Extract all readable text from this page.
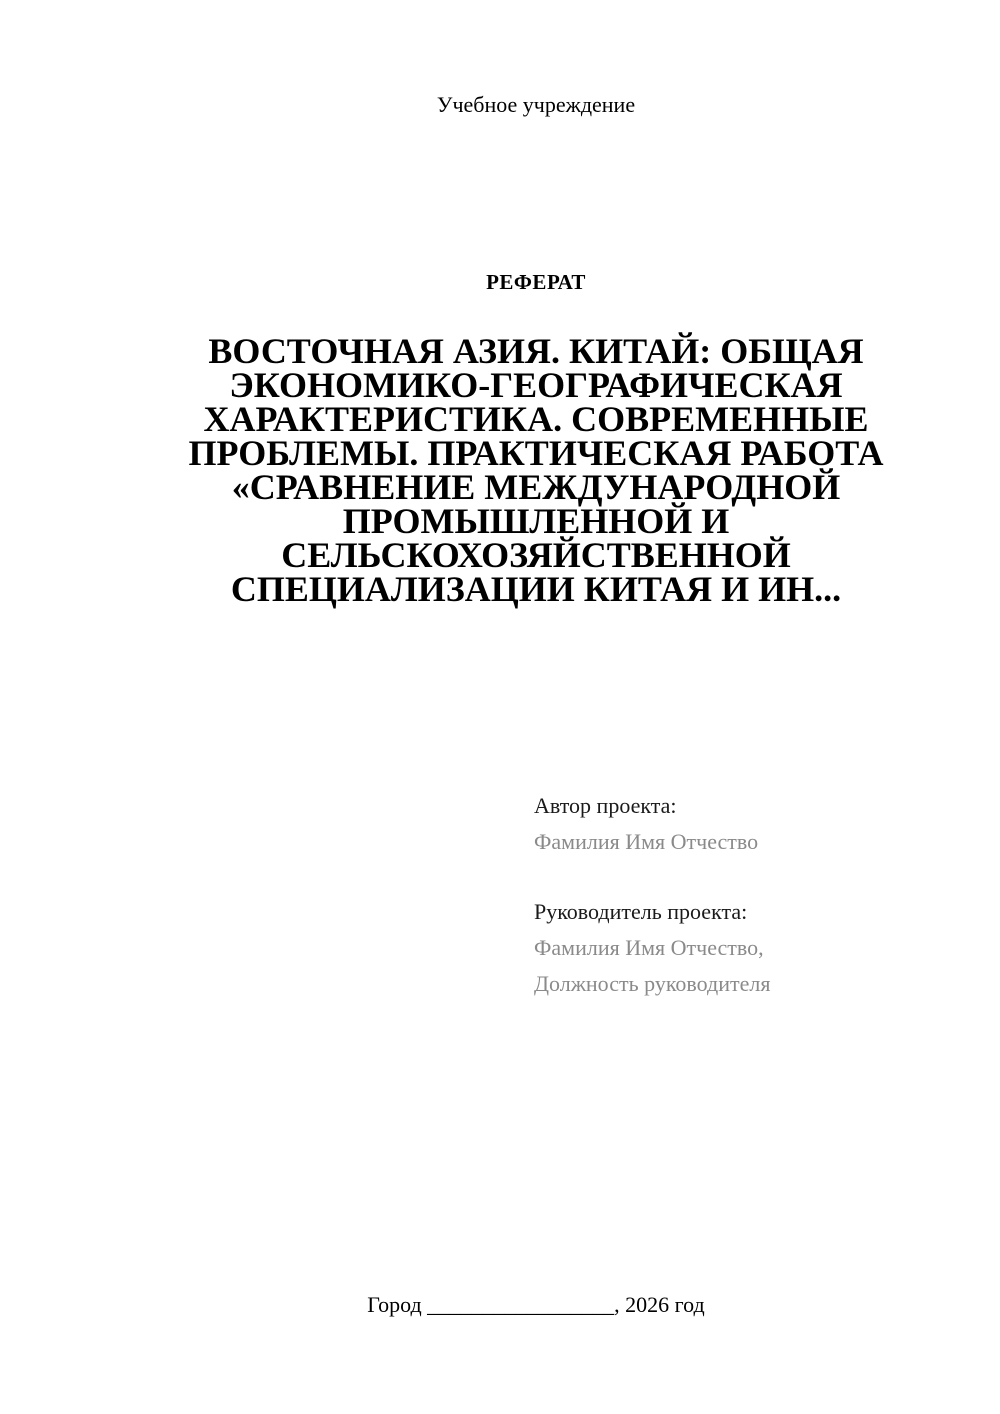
Учебное учреждение
РЕФЕРАТ
ВОСТОЧНАЯ АЗИЯ. КИТАЙ: ОБЩАЯ ЭКОНОМИКО-ГЕОГРАФИЧЕСКАЯ ХАРАКТЕРИСТИКА. СОВРЕМЕННЫЕ ПРОБЛЕМЫ. ПРАКТИЧЕСКАЯ РАБОТА «СРАВНЕНИЕ МЕЖДУНАРОДНОЙ ПРОМЫШЛЕННОЙ И СЕЛЬСКОХОЗЯЙСТВЕННОЙ СПЕЦИАЛИЗАЦИИ КИТАЯ И ИН...
Автор проекта:
Фамилия Имя Отчество
Руководитель проекта:
Фамилия Имя Отчество,
Должность руководителя
Город _________________, 2026 год
